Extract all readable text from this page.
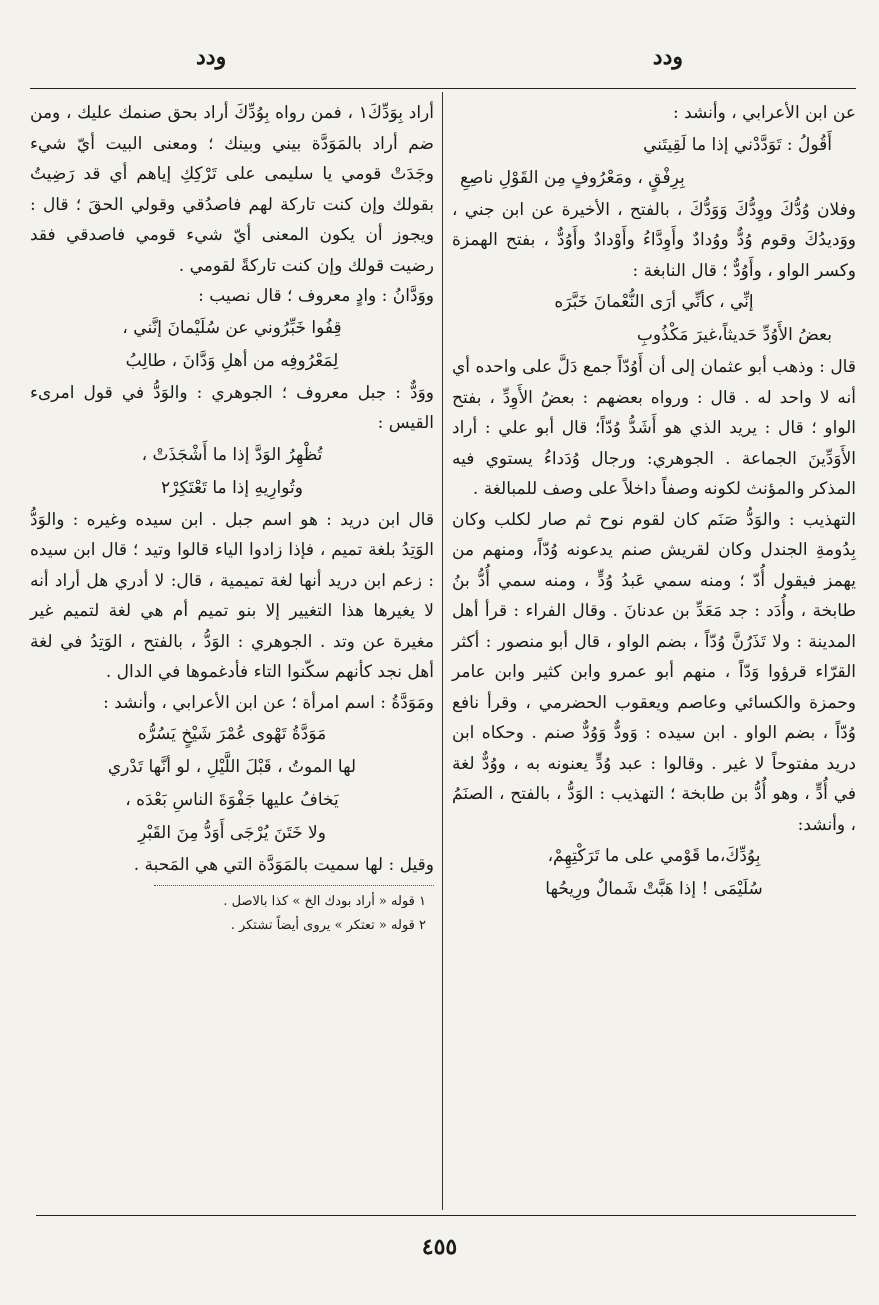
ودد
ودد

عن ابن الأعرابي ، وأنشد :

أَقُولُ : تَوَدَّدْني إذا ما لَقِيتَني

بِرِفْقٍ ، ومَعْرُوفٍ مِن القَوْلِ ناصِعِ

وفلان وُدُّكَ ووِدُّكَ وَوَدُّكَ ، بالفتح ، الأخيرة عن ابن جني ، ووَديدُكَ وقوم وُدٌّ ووُدادٌ وأَوِدَّاءُ وأَوْدادٌ وأَوُدٌّ ، بفتح الهمزة وكسر الواو ، وأَوُدٌّ ؛ قال النابغة :

إنِّي ، كأنِّي أرَى النُّعْمانَ خَبَّرَه

بعضُ الأَوُدِّ حَديثاً،غيرَ مَكْذُوبِ

قال : وذهب أبو عثمان إلى أن أَوُدّاً جمع دَلَّ على واحده أي أنه لا واحد له . قال : ورواه بعضهم : بعضُ الأَوِدِّ ، بفتح الواو ؛ قال : يريد الذي هو أَشَدُّ وُدّاً؛ قال أبو علي : أراد الأَوَدِّينَ الجماعة . الجوهري: ورجال وُدَداءُ يستوي فيه المذكر والمؤنث لكونه وصفاً داخلاً على وصف للمبالغة .

التهذيب : والوَدُّ صَنَم كان لقوم نوح ثم صار لكلب وكان بِدُومةِ الجندل وكان لقريش صنم يدعونه وُدّاً، ومنهم من يهمز فيقول أُدّ ؛ ومنه سمي عَبدُ وُدٍّ ، ومنه سمي أُدُّ بنُ طابخة ، وأُدَد : جد مَعَدِّ بن عدنانَ . وقال الفراء : قرأ أهل المدينة : ولا تَذَرُنَّ وُدّاً ، بضم الواو ، قال أبو منصور : أكثر القرّاء قرؤوا وَدّاً ، منهم أبو عمرو وابن كثير وابن عامر وحمزة والكسائي وعاصم ويعقوب الحضرمي ، وقرأ نافع وُدّاً ، بضم الواو . ابن سيده : وَودٌّ وَوُدٌّ صنم . وحكاه ابن دريد مفتوحاً لا غير . وقالوا : عبد وُدٍّ يعنونه به ، ووُدٌّ لغة في أُدٍّ ، وهو أُدُّ بن طابخة ؛ التهذيب : الوَدُّ ، بالفتح ، الصنَمُ ، وأنشد:

بِوُدِّكَ،ما قَوْمي على ما تَرَكْتِهِمْ،

سُلَيْمَى ! إذا هَبَّتْ شَمالٌ ورِيحُها

أراد بِوَدِّكَ١ ، فمن رواه بِوُدِّكَ أراد بحق صنمك عليك ، ومن ضم أراد بالمَوَدَّة بيني وبينك ؛ ومعنى البيت أيّ شيء وجَدَتْ قومي يا سليمى على تَرْكِكِ إياهم أي قد رَضِيتُ بقولك وإن كنت تاركة لهم فاصدُقي وقولي الحقَ ؛ قال : ويجوز أن يكون المعنى أيّ شيء قومي فاصدقي فقد رضيت قولك وإن كنت تاركةً لقومي .

ووَدَّانُ : وادٍ معروف ؛ قال نصيب :

قِفُوا خَبِّرُوني عن سُلَيْمانَ إنَّني ،

لِمَعْرُوفِه من أهلِ وَدَّانَ ، طالِبُ

ووَدٌّ : جبل معروف ؛ الجوهري : والوَدُّ في قول امرىء القيس :

تُظْهِرُ الوَدَّ إذا ما أَشْجَذَتْ ،

وتُوارِيهِ إذا ما تَعْتَكِرْ٢

قال ابن دريد : هو اسم جبل . ابن سيده وغيره : والوَدُّ الوَتِدُ بلغة تميم ، فإذا زادوا الياء قالوا وتيد ؛ قال ابن سيده : زعم ابن دريد أنها لغة تميمية ، قال: لا أدري هل أراد أنه لا يغيرها هذا التغيير إلا بنو تميم أم هي لغة لتميم غير مغيرة عن وتد . الجوهري : الوَدُّ ، بالفتح ، الوَتِدُ في لغة أهل نجد كأنهم سكّنوا التاء فأدغموها في الدال .

ومَوَدَّةُ : اسم امرأة ؛ عن ابن الأعرابي ، وأنشد :

مَوَدَّةُ تَهْوى عُمْرَ شَيْخٍ يَسُرُّه

لها الموتُ ، قَبْلَ اللَّيْلِ ، لو أنَّها تَدْري

يَخافُ عليها جَفْوَةَ الناسِ بَعْدَه ،

ولا خَتَنَ يُرْجَى أَوَدُّ مِنَ القَبْرِ

وقيل : لها سميت بالمَوَدَّة التي هي المَحبة .

١ قوله « أراد بودك الخ » كذا بالاصل .

٢ قوله « تعتكر » يروى أيضاً تشتكر .

٤٥٥
